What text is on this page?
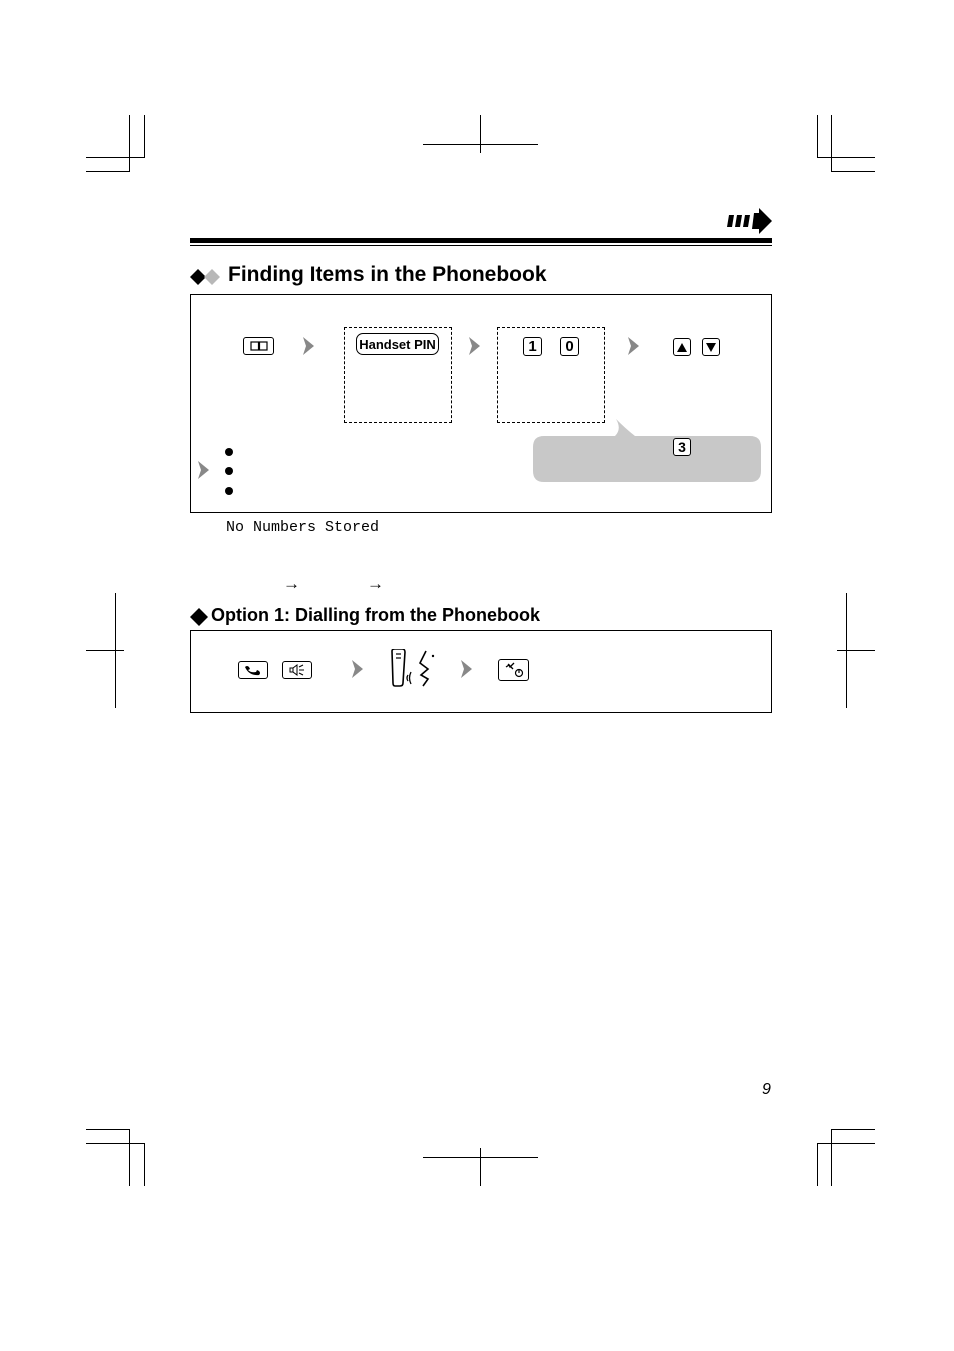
Finding Items in the Phonebook
Handset PIN	1 0
3
No Numbers Stored
→	→
Option 1: Dialling from the Phonebook
9
